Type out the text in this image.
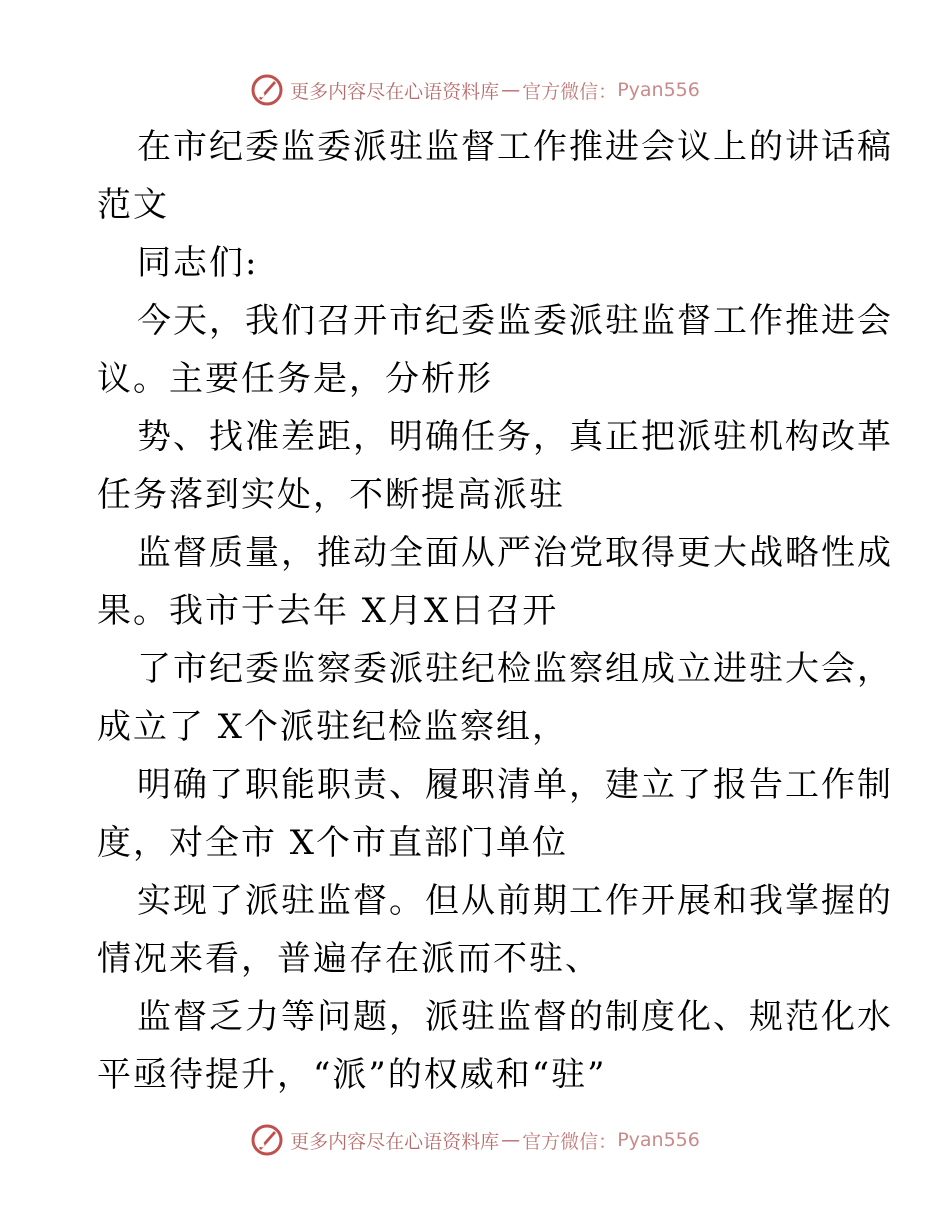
更多内容尽在心语资料库 — 官方微信： Pyan556
在市纪委监委派驻监督工作推进会议上的讲话稿
范文
同志们:
今天，我们召开市纪委监委派驻监督工作推进会
议。主要任务是，分析形
势、找准差距，明确任务，真正把派驻机构改革
任务落到实处，不断提高派驻
监督质量，推动全面从严治党取得更大战略性成
果。我市于去年 X月X日召开
了市纪委监察委派驻纪检监察组成立进驻大会，
成立了 X个派驻纪检监察组，
明确了职能职责、履职清单，建立了报告工作制
度，对全市 X个市直部门单位
实现了派驻监督。但从前期工作开展和我掌握的
情况来看，普遍存在派而不驻、
监督乏力等问题，派驻监督的制度化、规范化水
平亟待提升，“派”的权威和“驻”
更多内容尽在心语资料库 — 官方微信： Pyan556
